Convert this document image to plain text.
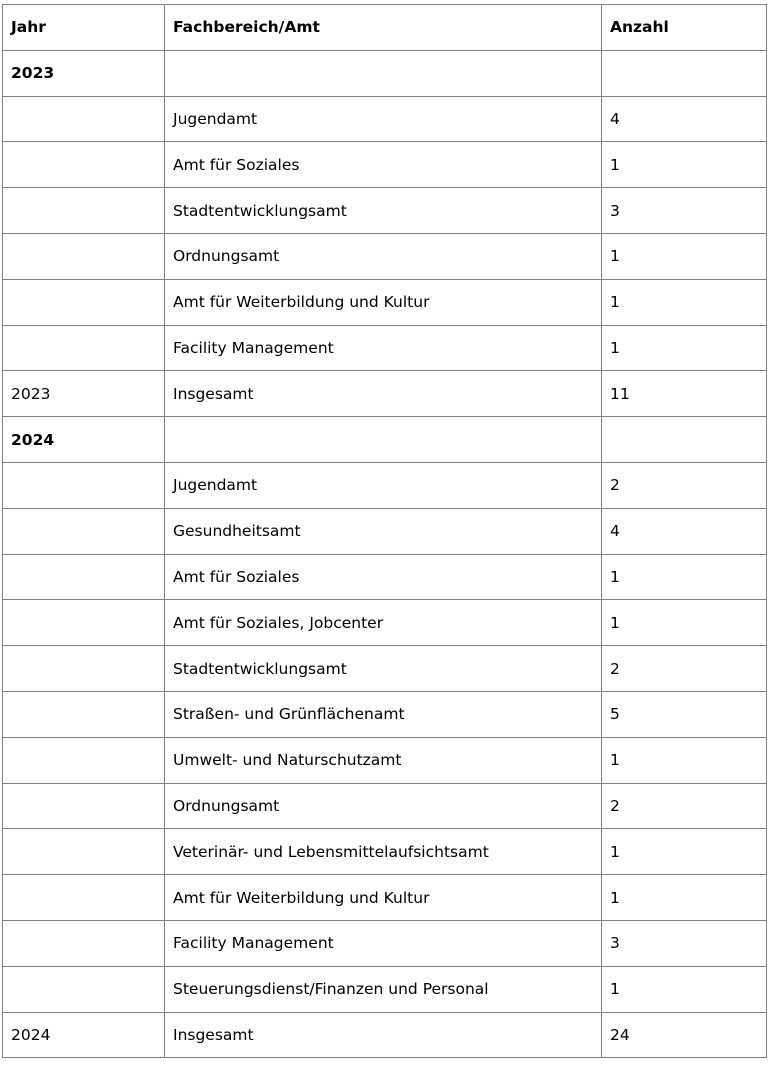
Jahr	Fachbereich/Amt	Anzahl
2023		
	Jugendamt	4
	Amt für Soziales	1
	Stadtentwicklungsamt	3
	Ordnungsamt	1
	Amt für Weiterbildung und Kultur	1
	Facility Management	1
2023	Insgesamt	11
2024		
	Jugendamt	2
	Gesundheitsamt	4
	Amt für Soziales	1
	Amt für Soziales, Jobcenter	1
	Stadtentwicklungsamt	2
	Straßen- und Grünflächenamt	5
	Umwelt- und Naturschutzamt	1
	Ordnungsamt	2
	Veterinär- und Lebensmittelaufsichtsamt	1
	Amt für Weiterbildung und Kultur	1
	Facility Management	3
	Steuerungsdienst/Finanzen und Personal	1
2024	Insgesamt	24
